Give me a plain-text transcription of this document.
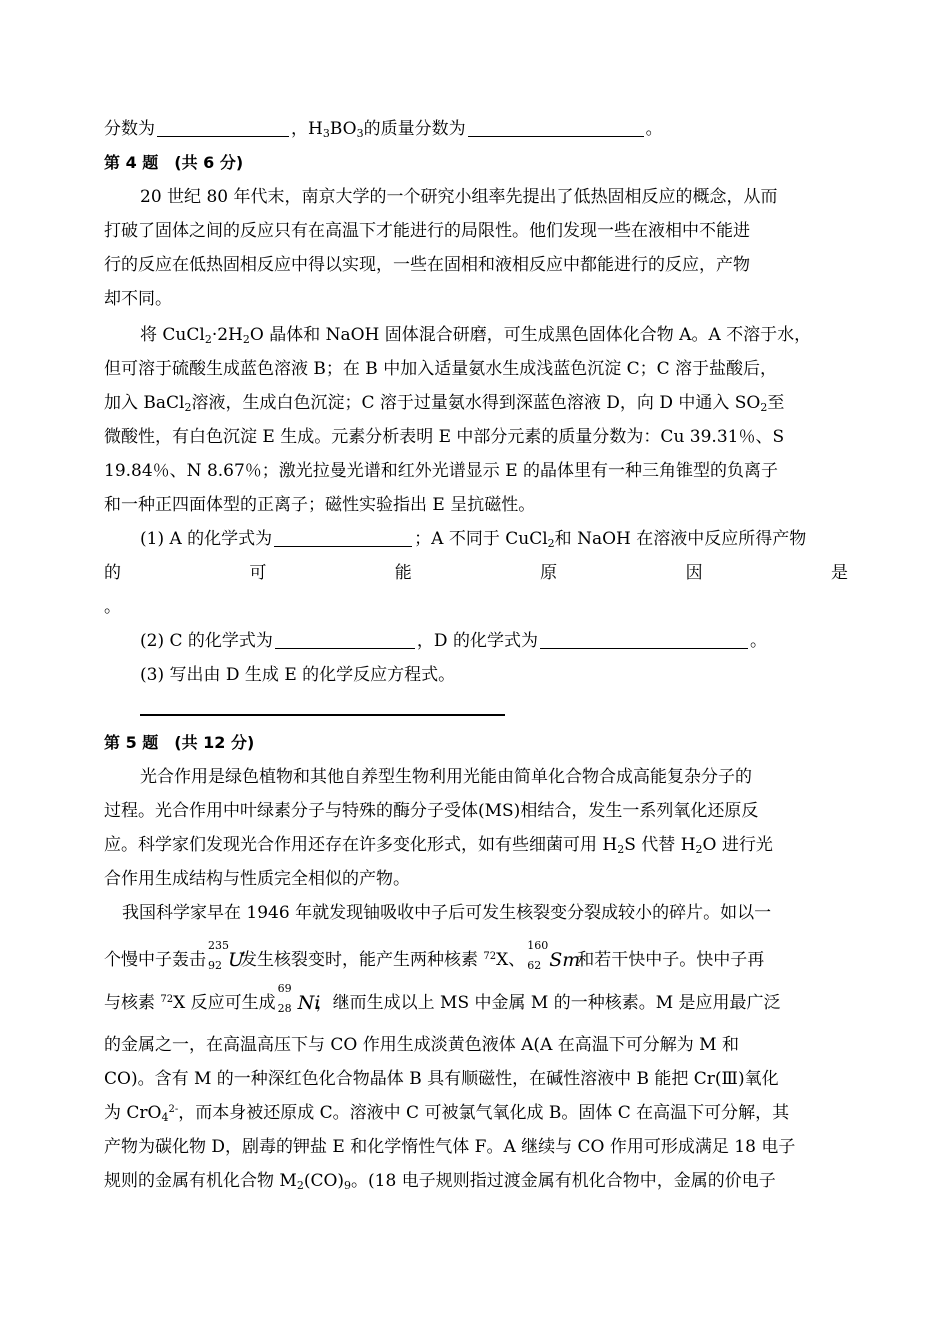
分数为	，$H_3BO_3$的质量分数为	。
第 4 题　(共 6 分)
20 世纪 80 年代末，南京大学的一个研究小组率先提出了低热固相反应的概念，从而
打破了固体之间的反应只有在高温下才能进行的局限性。他们发现一些在液相中不能进
行的反应在低热固相反应中得以实现，一些在固相和液相反应中都能进行的反应，产物
却不同。
将 $CuCl_2\cdot 2H_2O$ 晶体和 NaOH 固体混合研磨，可生成黑色固体化合物 A。A 不溶于水，
但可溶于硫酸生成蓝色溶液 B；在 B 中加入适量氨水生成浅蓝色沉淀 C；C 溶于盐酸后，
加入 BaCl$_2$溶液，生成白色沉淀；C 溶于过量氨水得到深蓝色溶液 D，向 D 中通入 $SO_2$至
微酸性，有白色沉淀 E 生成。元素分析表明 E 中部分元素的质量分数为：Cu 39.31％、S
19.84％、N 8.67％；激光拉曼光谱和红外光谱显示 E 的晶体里有一种三角锥型的负离子
和一种正四面体型的正离子；磁性实验指出 E 呈抗磁性。
(1) A 的化学式为	；A 不同于 CuCl$_2$和 NaOH 在溶液中反应所得产物
的	可	能	原	因	是
。
(2) C 的化学式为	，D 的化学式为	。
(3) 写出由 D 生成 E 的化学反应方程式。
第 5 题　(共 12 分)
光合作用是绿色植物和其他自养型生物利用光能由简单化合物合成高能复杂分子的
过程。光合作用中叶绿素分子与特殊的酶分子受体(MS)相结合，发生一系列氧化还原反
应。科学家们发现光合作用还存在许多变化形式，如有些细菌可用 $H_2S$ 代替 $H_2O$ 进行光
合作用生成结构与性质完全相似的产物。
我国科学家早在 1946 年就发现铀吸收中子后可发生核裂变分裂成较小的碎片。如以一
个慢中子轰击
235
92 U发生核裂变时，能产生两种核素 $^{72}$X、
160
62 Sm和若干快中子。快中子再
与核素 $^{72}$X 反应可生成
69
28 Ni，继而生成以上 MS 中金属 M 的一种核素。M 是应用最广泛
的金属之一，在高温高压下与 CO 作用生成淡黄色液体 A(A 在高温下可分解为 M 和
CO)。含有 M 的一种深红色化合物晶体 B 具有顺磁性，在碱性溶液中 B 能把 Cr(Ⅲ)氧化
为 CrO$_4^{2-}$，而本身被还原成 C。溶液中 C 可被氯气氧化成 B。固体 C 在高温下可分解，其
产物为碳化物 D，剧毒的钾盐 E 和化学惰性气体 F。A 继续与 CO 作用可形成满足 18 电子
规则的金属有机化合物 $M_2(CO)_9$。(18 电子规则指过渡金属有机化合物中，金属的价电子
